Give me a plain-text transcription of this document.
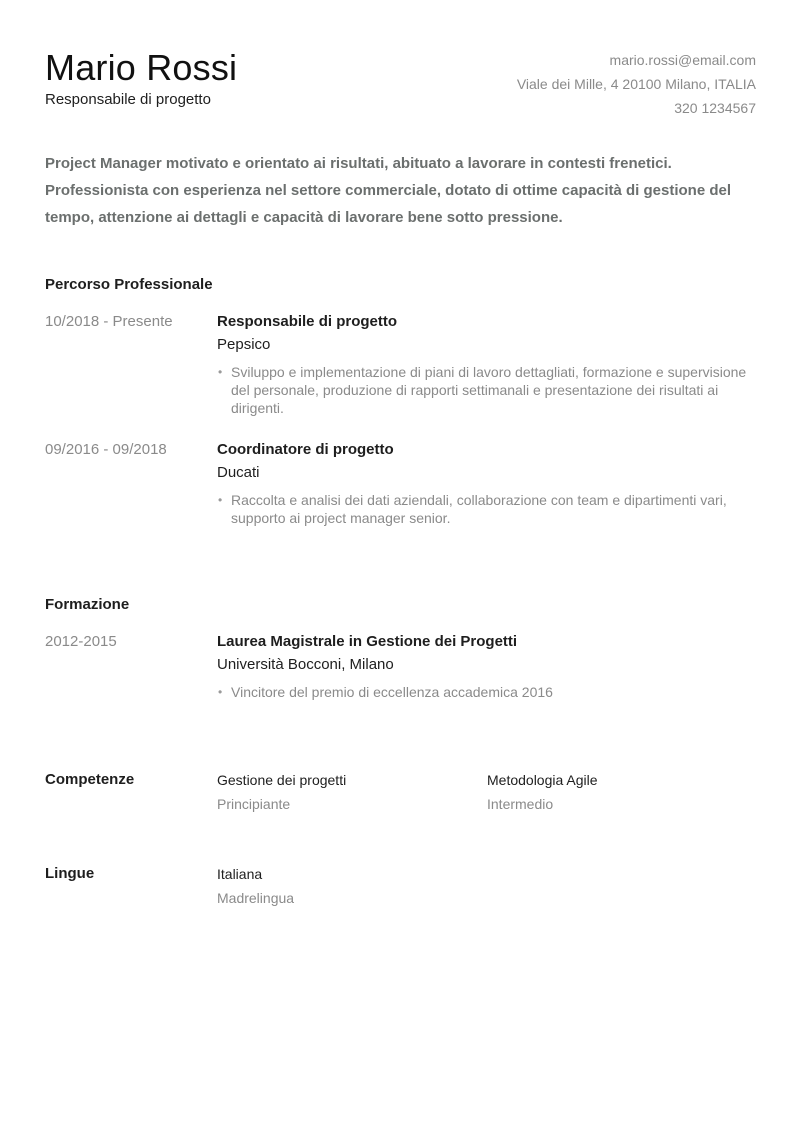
Mario Rossi
Responsabile di progetto
mario.rossi@email.com
Viale dei Mille, 4 20100 Milano, ITALIA
320 1234567
Project Manager motivato e orientato ai risultati, abituato a lavorare in contesti frenetici. Professionista con esperienza nel settore commerciale, dotato di ottime capacità di gestione del tempo, attenzione ai dettagli e capacità di lavorare bene sotto pressione.
Percorso Professionale
10/2018 - Presente	Responsabile di progetto
Pepsico
• Sviluppo e implementazione di piani di lavoro dettagliati, formazione e supervisione del personale, produzione di rapporti settimanali e presentazione dei risultati ai dirigenti.
09/2016 - 09/2018	Coordinatore di progetto
Ducati
• Raccolta e analisi dei dati aziendali, collaborazione con team e dipartimenti vari, supporto ai project manager senior.
Formazione
2012-2015	Laurea Magistrale in Gestione dei Progetti
Università Bocconi, Milano
• Vincitore del premio di eccellenza accademica 2016
Competenze	Gestione dei progetti
Principiante
Metodologia Agile
Intermedio
Lingue	Italiana
Madrelingua
